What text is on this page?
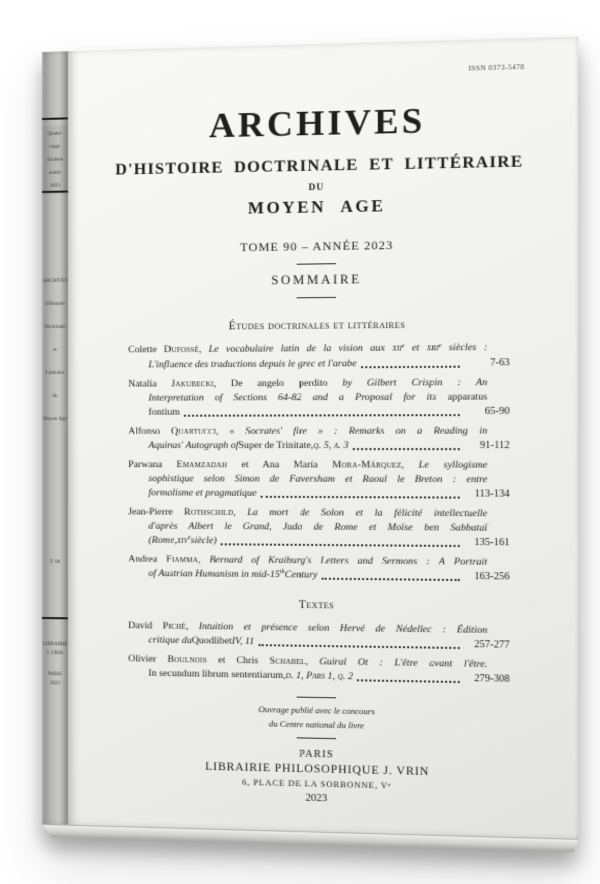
Quatre-vingt-
dixième
année
2023
ARCHIVES
d'Histoire
Doctrinale
et
Littéraire
du
Moyen Age
T. 90
LIBRAIRIE
J. VRIN
PARIS
2023
ISSN 0373-5478
ARCHIVES
D'HISTOIRE DOCTRINALE ET LITTÉRAIRE
DU
MOYEN AGE
TOME 90 – ANNÉE 2023
SOMMAIRE
Études doctrinales et littéraires
Colette Dufossé, Le vocabulaire latin de la vision aux xii$^e$ et xiii$^e$ siècles :
L'influence des traductions depuis le grec et l'arabe	7-63
Natalia Jakubecki, De angelo perdito by Gilbert Crispin : An
Interpretation of Sections 64-82 and a Proposal for its apparatus
fontium	65-90
Alfonso Quartucci, « Socrates' fire » : Remarks on a Reading in
Aquinas' Autograph of Super de Trinitate, q. 5, a. 3	91-112
Parwana Emamzadah et Ana María Mora-Márquez, Le syllogisme
sophistique selon Simon de Faversham et Raoul le Breton : entre
formalisme et pragmatique	113-134
Jean-Pierre Rothschild, La mort de Solon et la félicité intellectuelle
d'après Albert le Grand, Juda de Rome et Moïse ben Sabbataï
(Rome, xiv e siècle)	135-161
Andrea Fiamma, Bernard of Kraiburg's Letters and Sermons : A Portrait
of Austrian Humanism in mid-15 th Century	163-256
Textes
David Piché, Intuition et présence selon Hervé de Nédellec : Édition
critique du Quodlibet IV, 11	257-277
Olivier Boulnois et Chris Schabel, Guiral Ot : L'être avant l'être.
In secundum librum sententiarum, d. 1, Pars 1, q. 2	279-308
Ouvrage publié avec le concours
du Centre national du livre
PARIS
LIBRAIRIE PHILOSOPHIQUE J. VRIN
6, PLACE DE LA SORBONNE, Ve
2023
